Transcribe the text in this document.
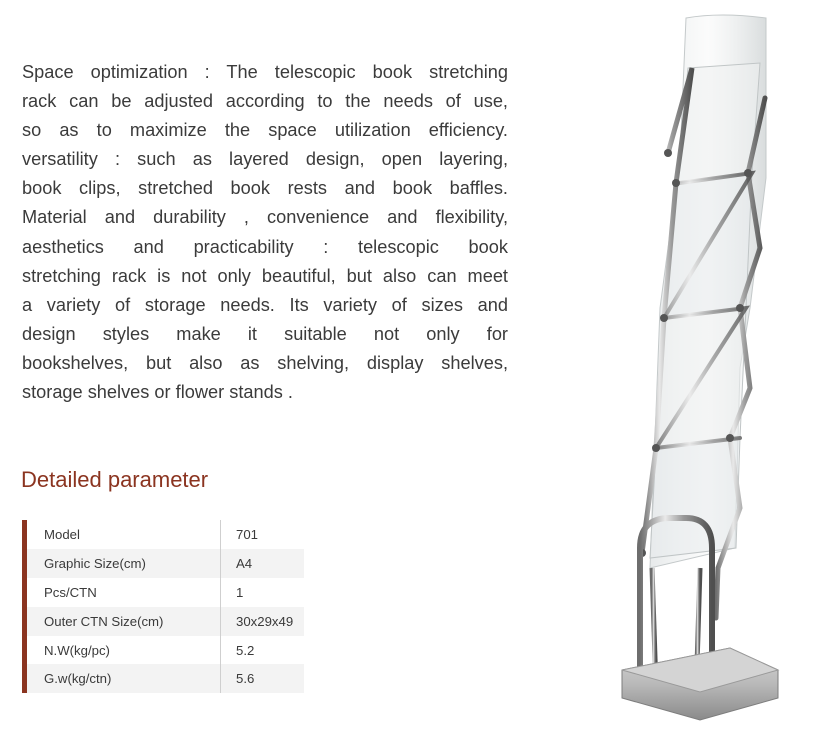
Space optimization : The telescopic book stretching
rack can be adjusted according to the needs of use,
so as to maximize the space utilization efficiency.
versatility : such as layered design, open layering,
book clips, stretched book rests and book baffles.
Material and durability , convenience and flexibility,
aesthetics and practicability : telescopic book
stretching rack is not only beautiful, but also can meet
a variety of storage needs. Its variety of sizes and
design styles make it suitable not only for
bookshelves, but also as shelving, display shelves,
storage shelves or flower stands .
Detailed parameter
Model	701
Graphic Size(cm)	A4
Pcs/CTN	1
Outer CTN Size(cm)	30x29x49
N.W(kg/pc)	5.2
G.w(kg/ctn)	5.6
